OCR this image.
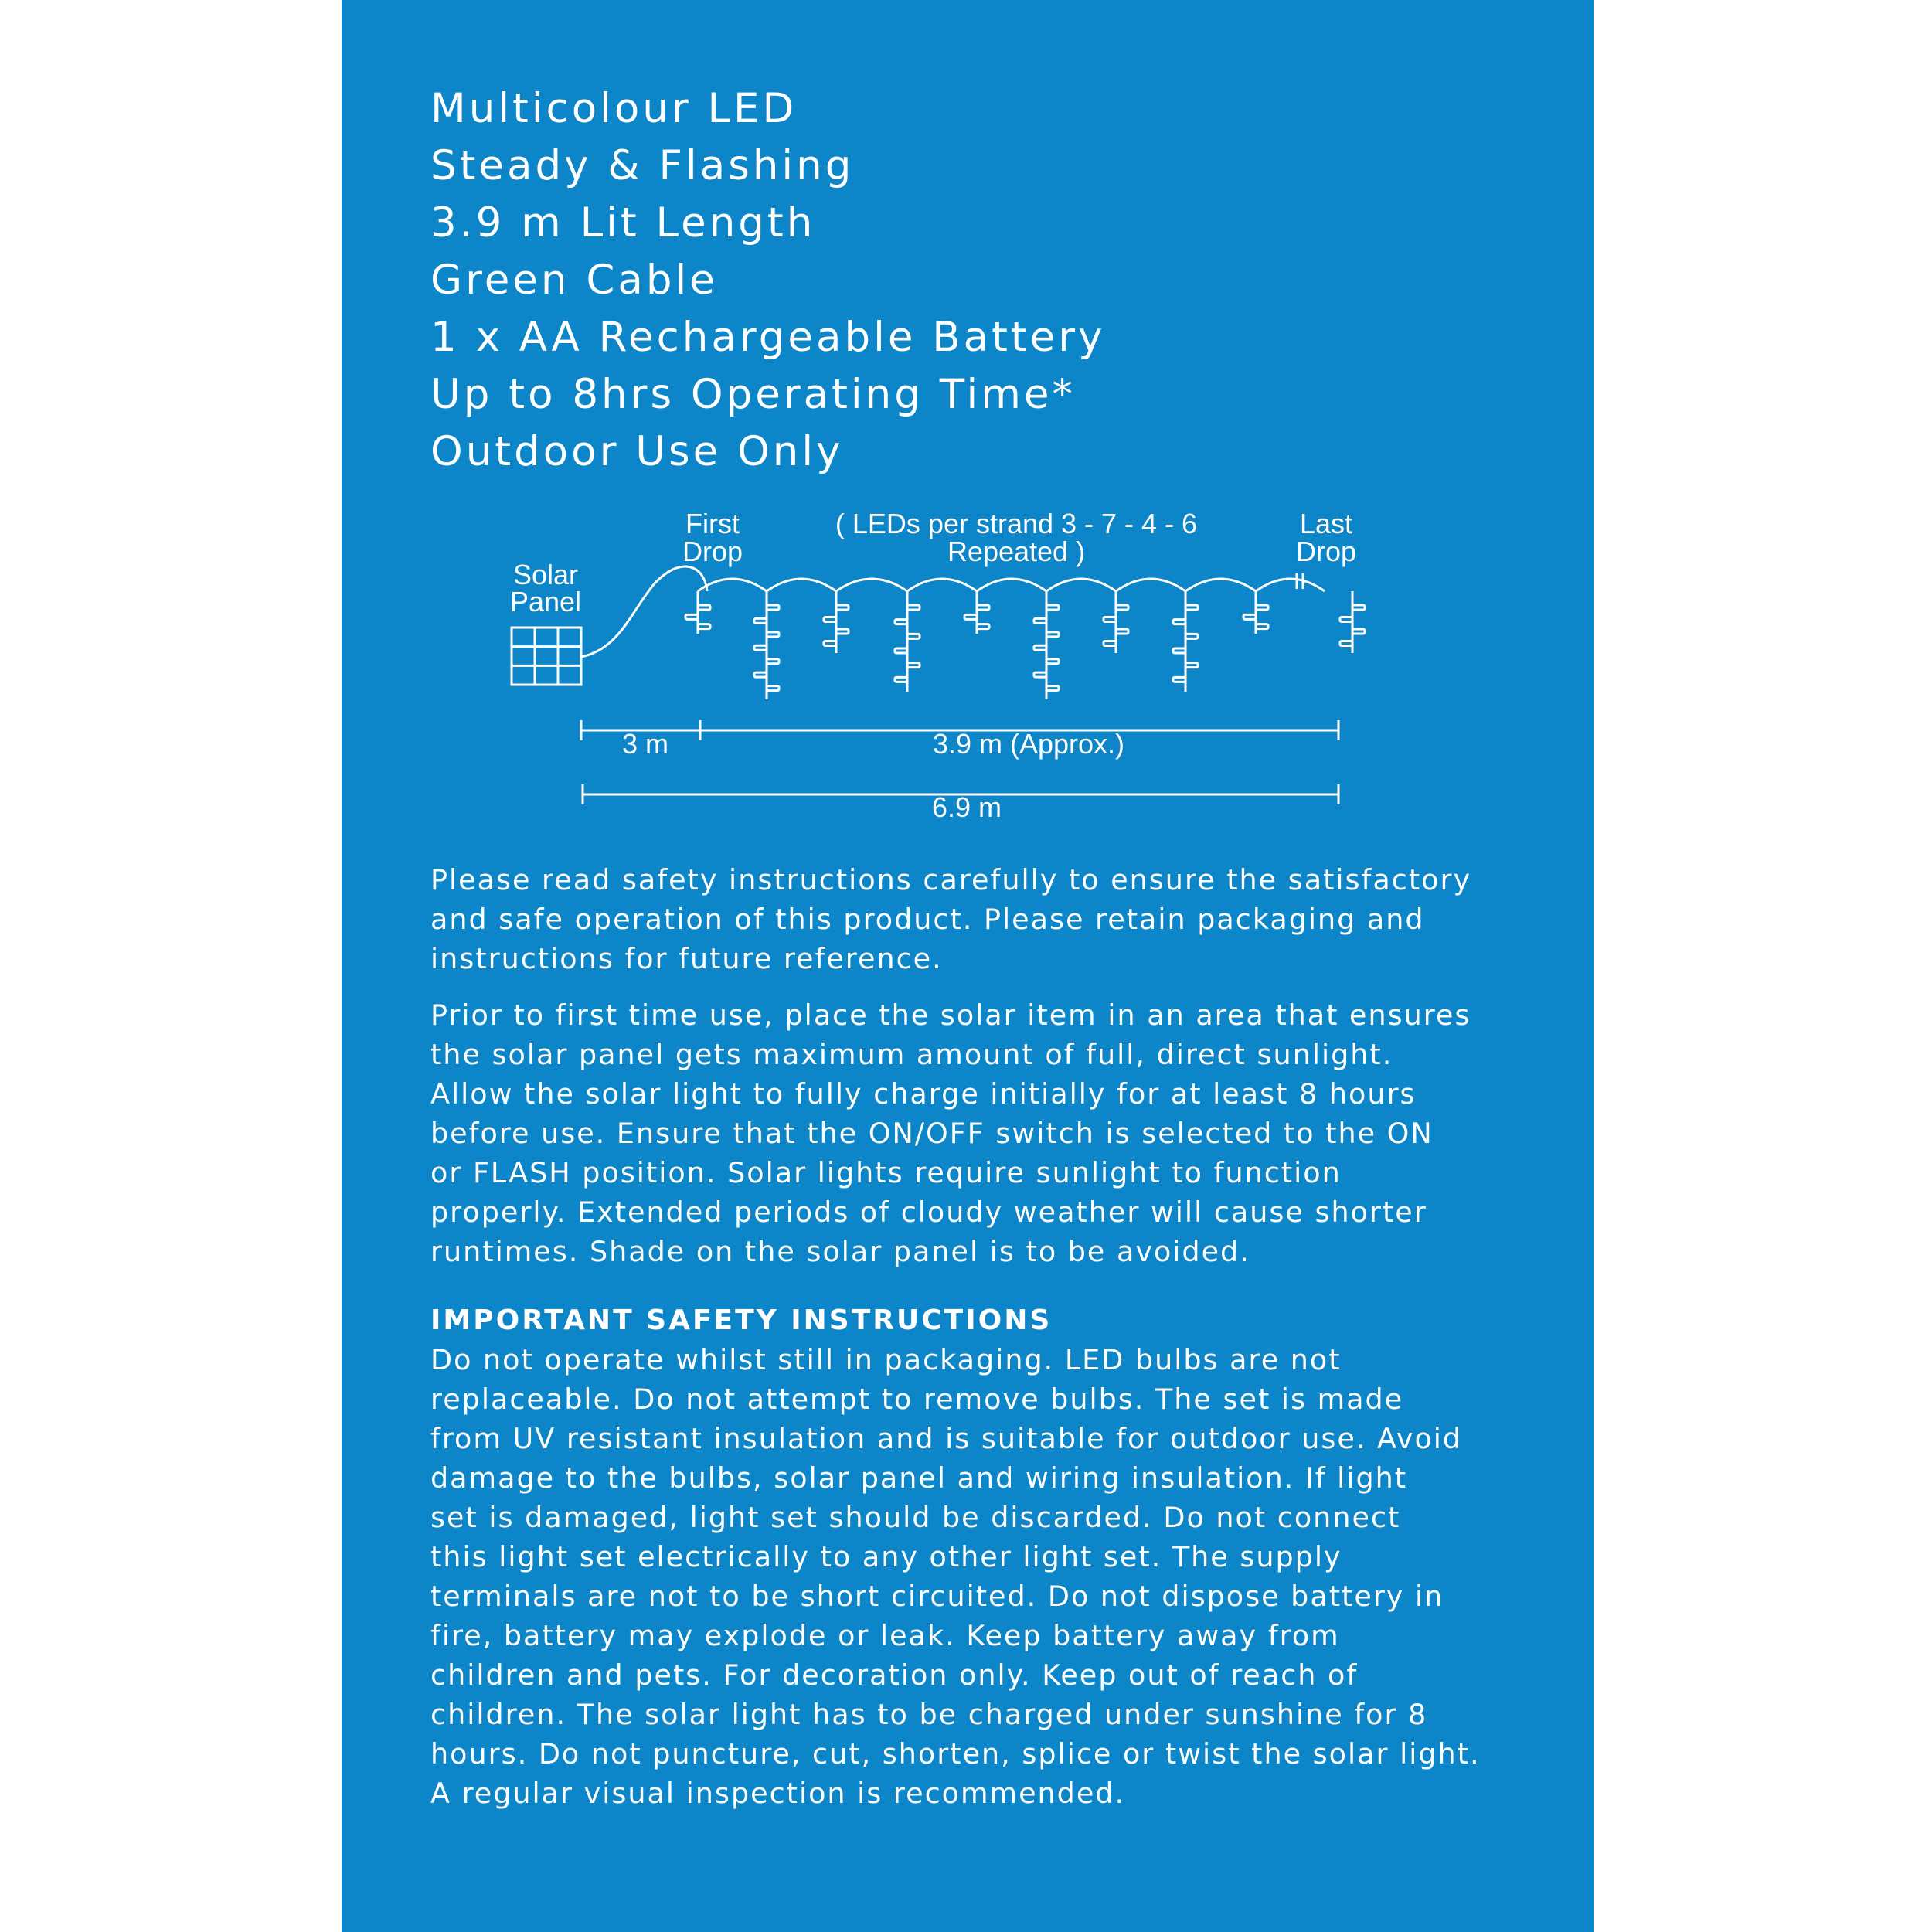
Multicolour LED
Steady & Flashing
3.9 m Lit Length
Green Cable
1 x AA Rechargeable Battery
Up to 8hrs Operating Time*
Outdoor Use Only
Solar
Panel
First
Drop
( LEDs per strand 3 - 7 - 4 - 6
Repeated )
Last
Drop
3 m	3.9 m (Approx.)
6.9 m

Please read safety instructions carefully to ensure the satisfactory
and safe operation of this product. Please retain packaging and
instructions for future reference.

Prior to first time use, place the solar item in an area that ensures
the solar panel gets maximum amount of full, direct sunlight.
Allow the solar light to fully charge initially for at least 8 hours
before use. Ensure that the ON/OFF switch is selected to the ON
or FLASH position. Solar lights require sunlight to function
properly. Extended periods of cloudy weather will cause shorter
runtimes. Shade on the solar panel is to be avoided.

IMPORTANT SAFETY INSTRUCTIONS

Do not operate whilst still in packaging. LED bulbs are not
replaceable. Do not attempt to remove bulbs. The set is made
from UV resistant insulation and is suitable for outdoor use. Avoid
damage to the bulbs, solar panel and wiring insulation. If light
set is damaged, light set should be discarded. Do not connect
this light set electrically to any other light set. The supply
terminals are not to be short circuited. Do not dispose battery in
fire, battery may explode or leak. Keep battery away from
children and pets. For decoration only. Keep out of reach of
children. The solar light has to be charged under sunshine for 8
hours. Do not puncture, cut, shorten, splice or twist the solar light.
A regular visual inspection is recommended.
